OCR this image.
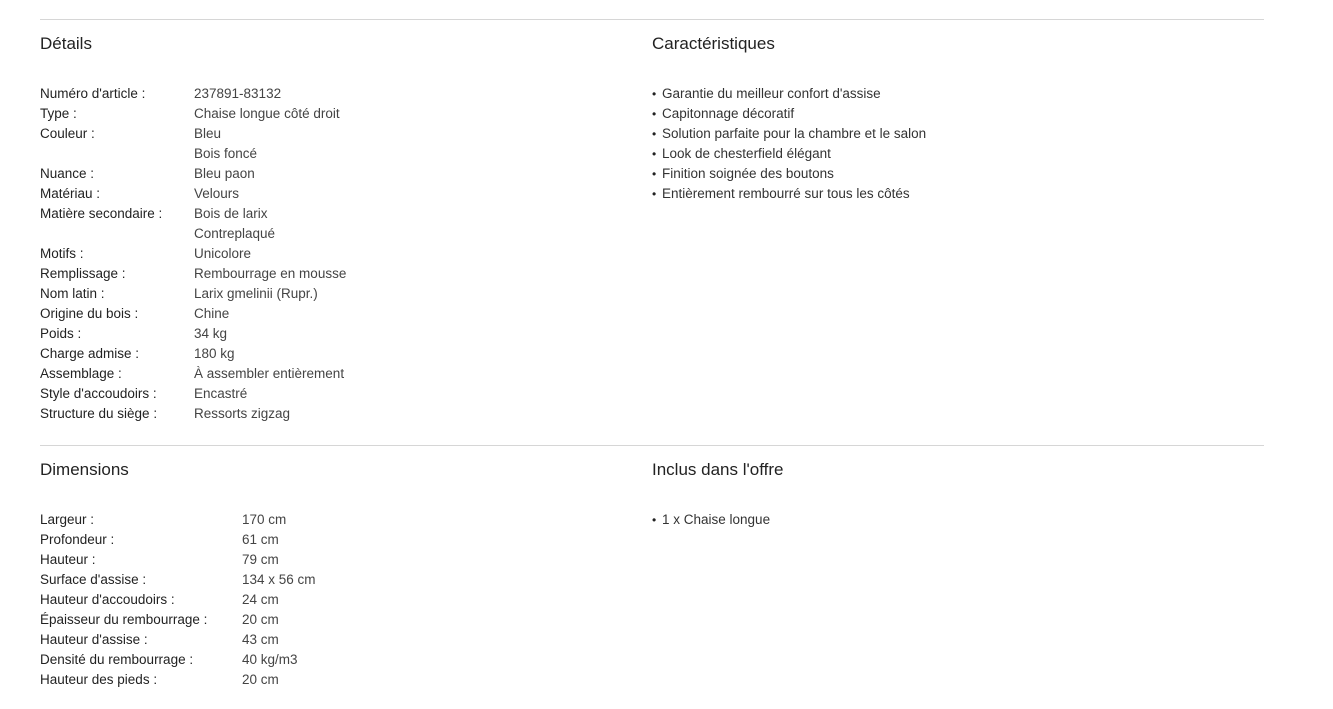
Détails
Numéro d'article :	237891-83132
Type :	Chaise longue côté droit
Couleur :	Bleu
Bois foncé
Nuance :	Bleu paon
Matériau :	Velours
Matière secondaire :	Bois de larix
Contreplaqué
Motifs :	Unicolore
Remplissage :	Rembourrage en mousse
Nom latin :	Larix gmelinii (Rupr.)
Origine du bois :	Chine
Poids :	34 kg
Charge admise :	180 kg
Assemblage :	À assembler entièrement
Style d'accoudoirs :	Encastré
Structure du siège :	Ressorts zigzag
Caractéristiques
• Garantie du meilleur confort d'assise
• Capitonnage décoratif
• Solution parfaite pour la chambre et le salon
• Look de chesterfield élégant
• Finition soignée des boutons
• Entièrement rembourré sur tous les côtés
Dimensions
Largeur :	170 cm
Profondeur :	61 cm
Hauteur :	79 cm
Surface d'assise :	134 x 56 cm
Hauteur d'accoudoirs :	24 cm
Épaisseur du rembourrage :	20 cm
Hauteur d'assise :	43 cm
Densité du rembourrage :	40 kg/m3
Hauteur des pieds :	20 cm
Inclus dans l'offre
• 1 x Chaise longue
